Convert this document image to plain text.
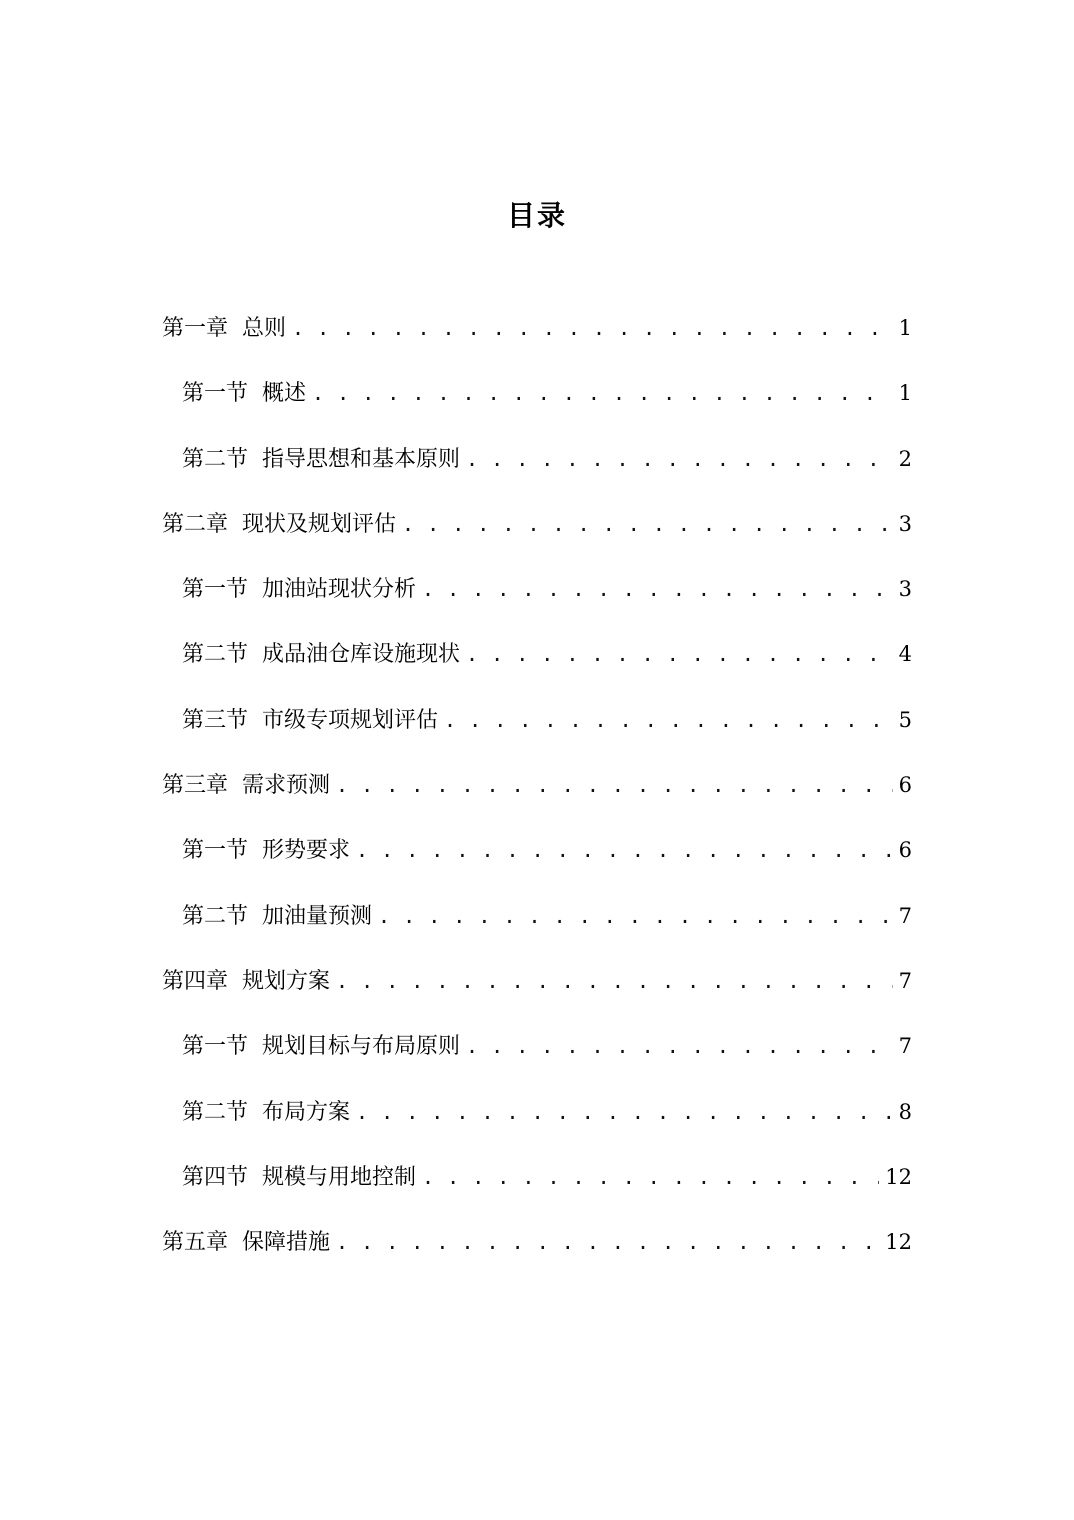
目录
第一章 总则 . . .	1
第一节 概述 . . .	1
第二节 指导思想和基本原则 . . .	2
第二章 现状及规划评估 . . .	3
第一节 加油站现状分析 . . .	3
第二节 成品油仓库设施现状 . . .	4
第三节 市级专项规划评估 . . .	5
第三章 需求预测 . . .	6
第一节 形势要求 . . .	6
第二节 加油量预测 . . .	7
第四章 规划方案 . . .	7
第一节 规划目标与布局原则 . . .	7
第二节 布局方案 . . .	8
第四节 规模与用地控制 . . .	12
第五章 保障措施 . . .	12
